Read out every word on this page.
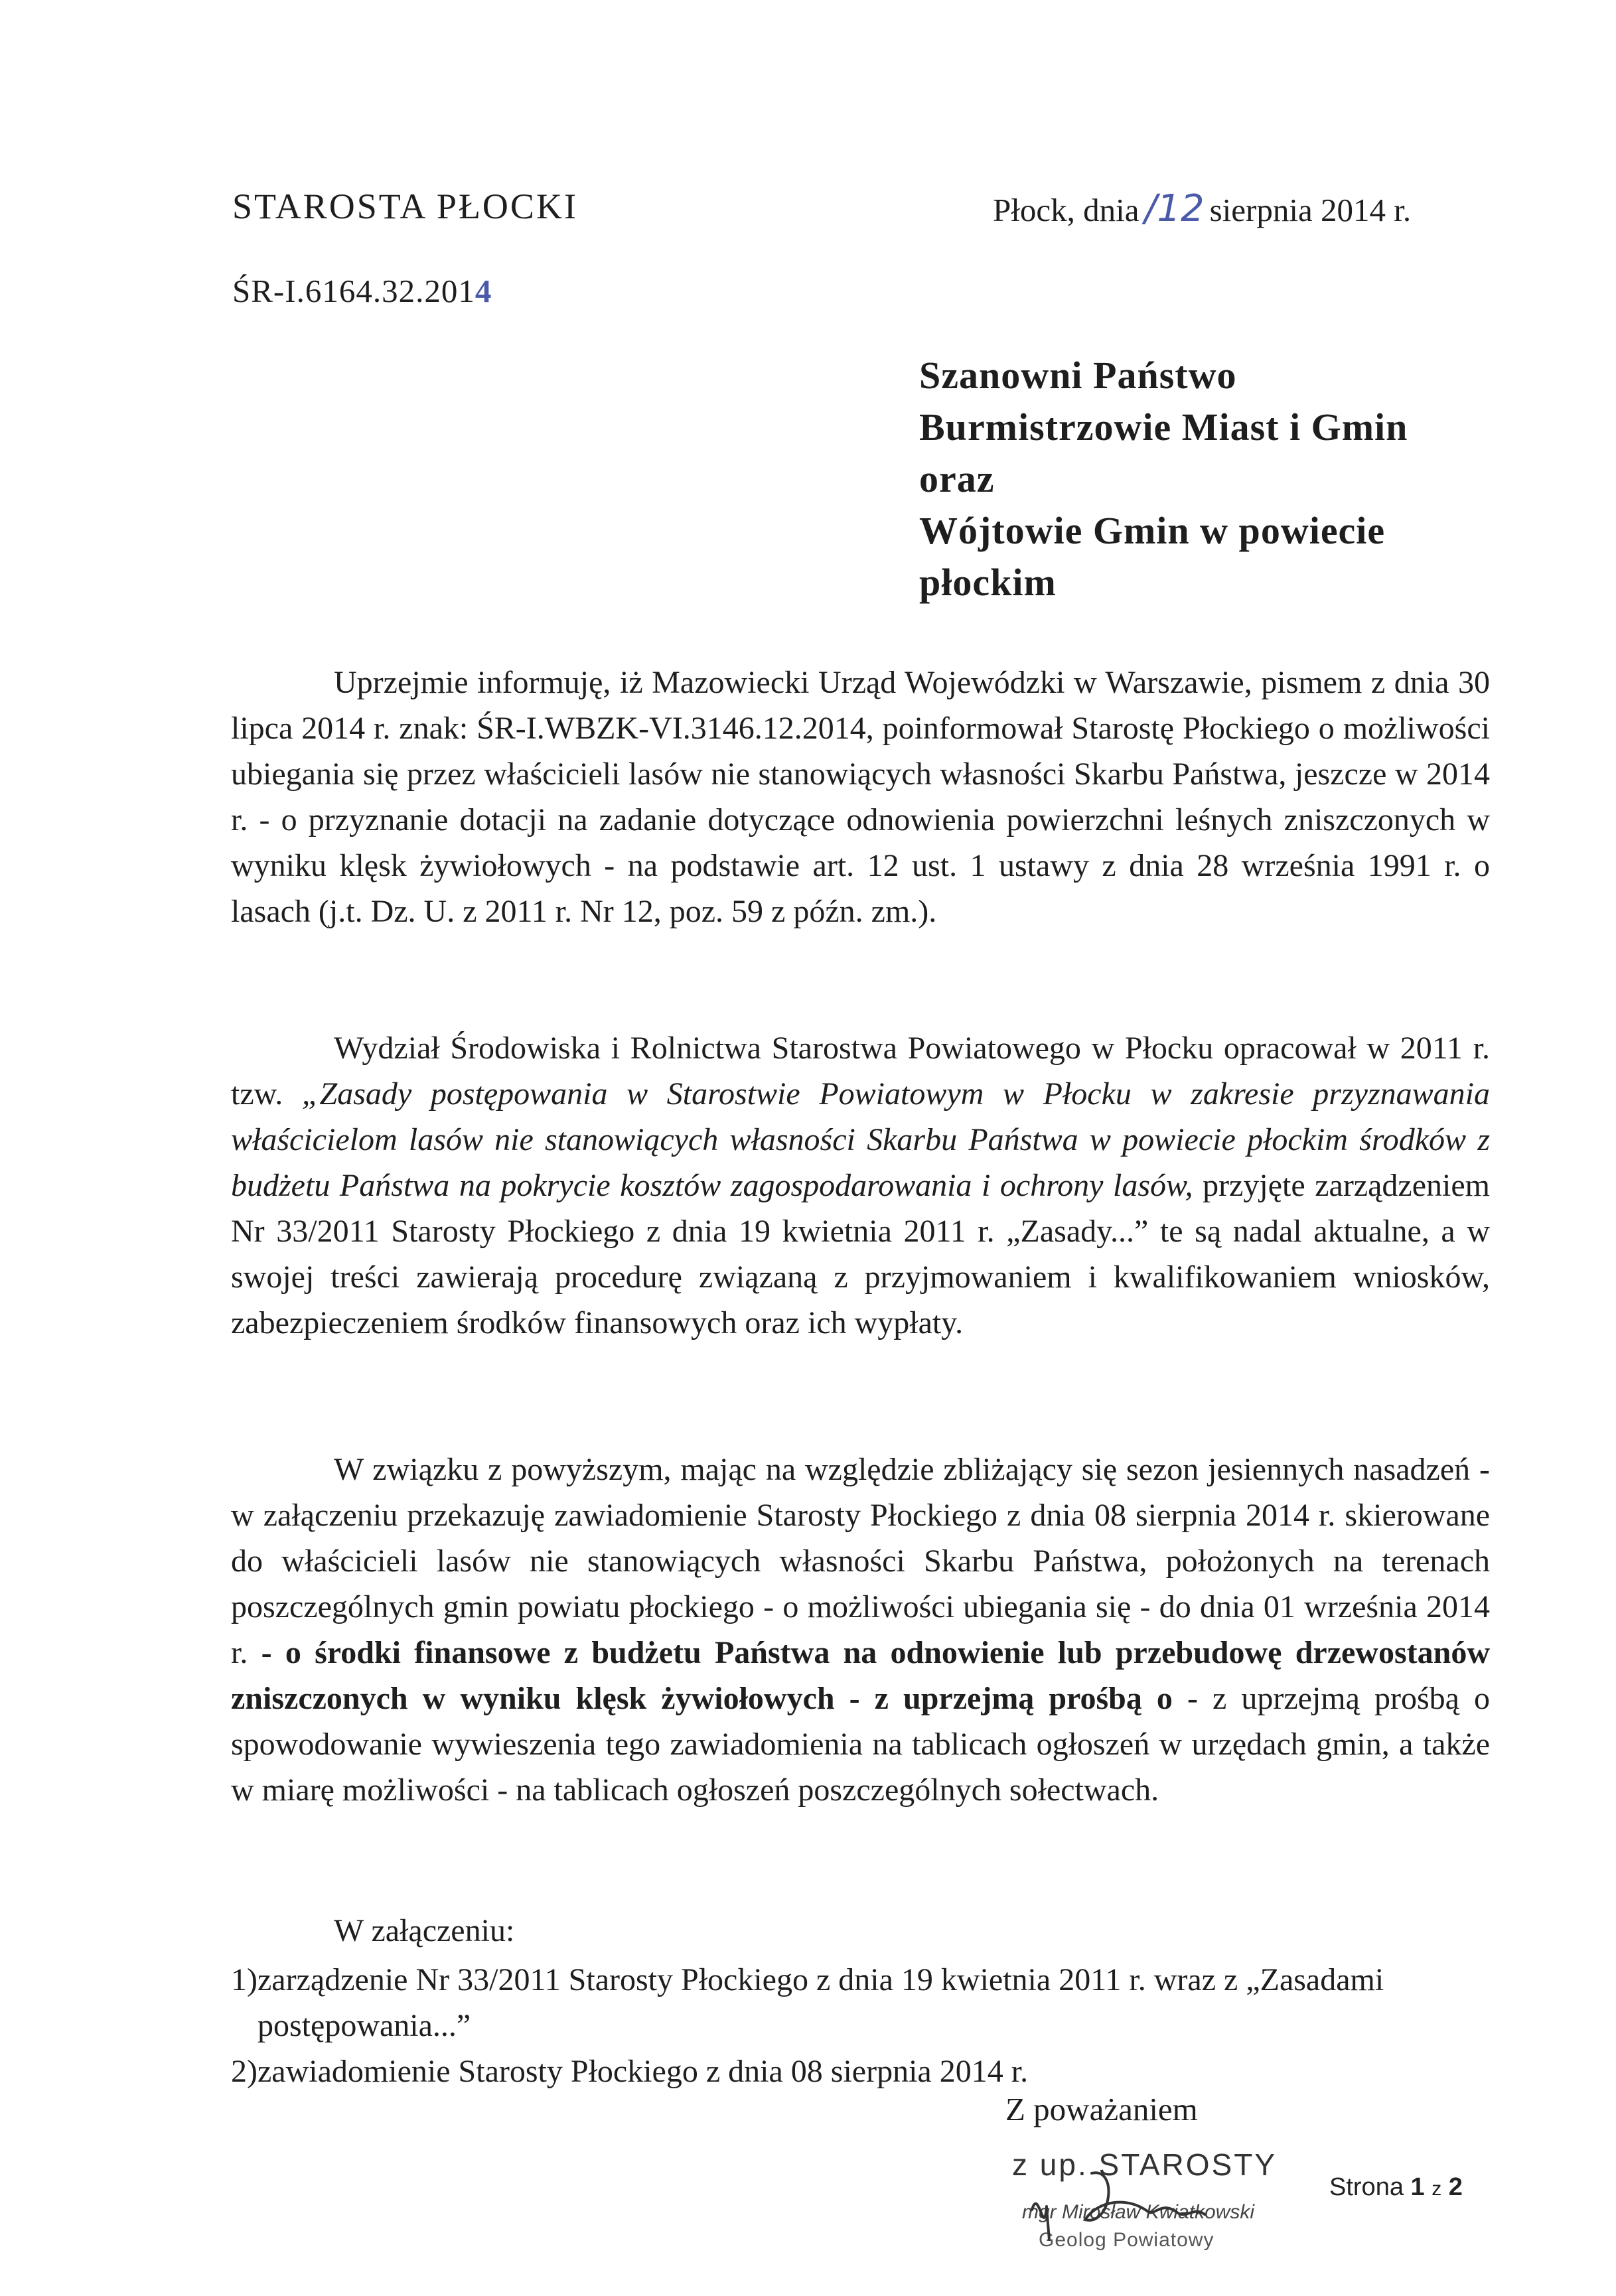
STAROSTA PŁOCKI	Płock, dnia /12 sierpnia 2014 r.
ŚR-I.6164.32.2014
Szanowni Państwo
Burmistrzowie Miast i Gmin
oraz
Wójtowie Gmin w powiecie
płockim

Uprzejmie informuję, iż Mazowiecki Urząd Wojewódzki w Warszawie, pismem z dnia 30 lipca 2014 r. znak: ŚR-I.WBZK-VI.3146.12.2014, poinformował Starostę Płockiego o możliwości ubiegania się przez właścicieli lasów nie stanowiących własności Skarbu Państwa, jeszcze w 2014 r. - o przyznanie dotacji na zadanie dotyczące odnowienia powierzchni leśnych zniszczonych w wyniku klęsk żywiołowych - na podstawie art. 12 ust. 1 ustawy z dnia 28 września 1991 r. o lasach (j.t. Dz. U. z 2011 r. Nr 12, poz. 59 z późn. zm.).

Wydział Środowiska i Rolnictwa Starostwa Powiatowego w Płocku opracował w 2011 r. tzw. „Zasady postępowania w Starostwie Powiatowym w Płocku w zakresie przyznawania właścicielom lasów nie stanowiących własności Skarbu Państwa w powiecie płockim środków z budżetu Państwa na pokrycie kosztów zagospodarowania i ochrony lasów, przyjęte zarządzeniem Nr 33/2011 Starosty Płockiego z dnia 19 kwietnia 2011 r. „Zasady...” te są nadal aktualne, a w swojej treści zawierają procedurę związaną z przyjmowaniem i kwalifikowaniem wniosków, zabezpieczeniem środków finansowych oraz ich wypłaty.

W związku z powyższym, mając na względzie zbliżający się sezon jesiennych nasadzeń - w załączeniu przekazuję zawiadomienie Starosty Płockiego z dnia 08 sierpnia 2014 r. skierowane do właścicieli lasów nie stanowiących własności Skarbu Państwa, położonych na terenach poszczególnych gmin powiatu płockiego - o możliwości ubiegania się - do dnia 01 września 2014 r. - o środki finansowe z budżetu Państwa na odnowienie lub przebudowę drzewostanów zniszczonych w wyniku klęsk żywiołowych - z uprzejmą prośbą o - z uprzejmą prośbą o spowodowanie wywieszenia tego zawiadomienia na tablicach ogłoszeń w urzędach gmin, a także w miarę możliwości - na tablicach ogłoszeń poszczególnych sołectwach.

W załączeniu:
1) zarządzenie Nr 33/2011 Starosty Płockiego z dnia 19 kwietnia 2011 r. wraz z „Zasadami postępowania...”
2) zawiadomienie Starosty Płockiego z dnia 08 sierpnia 2014 r.
Z poważaniem
z up. STAROSTY
mgr Mirosław Kwiatkowski
Geolog Powiatowy
Strona 1 z 2
